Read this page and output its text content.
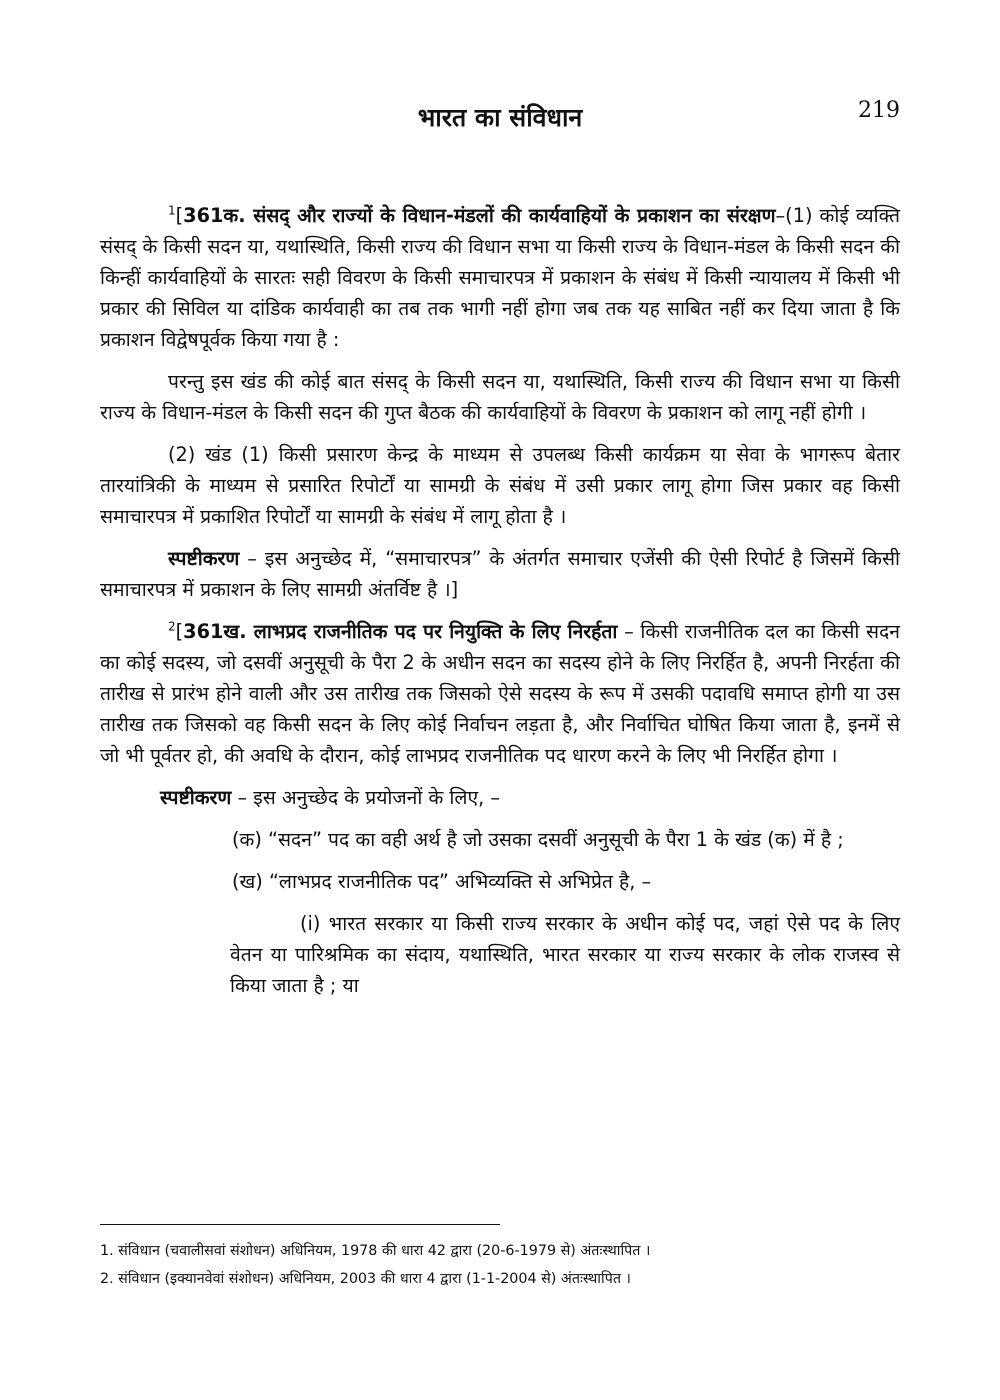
भारत का संविधान	219

$^1$[361क. संसद् और राज्यों के विधान-मंडलों की कार्यवाहियों के प्रकाशन का संरक्षण–(1) कोई व्यक्ति संसद् के किसी सदन या, यथास्थिति, किसी राज्य की विधान सभा या किसी राज्य के विधान-मंडल के किसी सदन की किन्हीं कार्यवाहियों के सारतः सही विवरण के किसी समाचारपत्र में प्रकाशन के संबंध में किसी न्यायालय में किसी भी प्रकार की सिविल या दांडिक कार्यवाही का तब तक भागी नहीं होगा जब तक यह साबित नहीं कर दिया जाता है कि प्रकाशन विद्वेषपूर्वक किया गया है :

परन्तु इस खंड की कोई बात संसद् के किसी सदन या, यथास्थिति, किसी राज्य की विधान सभा या किसी राज्य के विधान-मंडल के किसी सदन की गुप्त बैठक की कार्यवाहियों के विवरण के प्रकाशन को लागू नहीं होगी ।

(2) खंड (1) किसी प्रसारण केन्द्र के माध्यम से उपलब्ध किसी कार्यक्रम या सेवा के भागरूप बेतार तारयांत्रिकी के माध्यम से प्रसारित रिपोर्टों या सामग्री के संबंध में उसी प्रकार लागू होगा जिस प्रकार वह किसी समाचारपत्र में प्रकाशित रिपोर्टों या सामग्री के संबंध में लागू होता है ।

स्पष्टीकरण – इस अनुच्छेद में, “समाचारपत्र” के अंतर्गत समाचार एजेंसी की ऐसी रिपोर्ट है जिसमें किसी समाचारपत्र में प्रकाशन के लिए सामग्री अंतर्विष्ट है ।]

$^2$[361ख. लाभप्रद राजनीतिक पद पर नियुक्ति के लिए निरर्हता – किसी राजनीतिक दल का किसी सदन का कोई सदस्य, जो दसवीं अनुसूची के पैरा 2 के अधीन सदन का सदस्य होने के लिए निरर्हित है, अपनी निरर्हता की तारीख से प्रारंभ होने वाली और उस तारीख तक जिसको ऐसे सदस्य के रूप में उसकी पदावधि समाप्त होगी या उस तारीख तक जिसको वह किसी सदन के लिए कोई निर्वाचन लड़ता है, और निर्वाचित घोषित किया जाता है, इनमें से जो भी पूर्वतर हो, की अवधि के दौरान, कोई लाभप्रद राजनीतिक पद धारण करने के लिए भी निरर्हित होगा ।

स्पष्टीकरण – इस अनुच्छेद के प्रयोजनों के लिए, –

(क) “सदन” पद का वही अर्थ है जो उसका दसवीं अनुसूची के पैरा 1 के खंड (क) में है ;

(ख) “लाभप्रद राजनीतिक पद” अभिव्यक्ति से अभिप्रेत है, –

(i) भारत सरकार या किसी राज्य सरकार के अधीन कोई पद, जहां ऐसे पद के लिए वेतन या पारिश्रमिक का संदाय, यथास्थिति, भारत सरकार या राज्य सरकार के लोक राजस्व से किया जाता है ; या

1. संविधान (चवालीसवां संशोधन) अधिनियम, 1978 की धारा 42 द्वारा (20-6-1979 से) अंतःस्थापित ।

2. संविधान (इक्यानवेवां संशोधन) अधिनियम, 2003 की धारा 4 द्वारा (1-1-2004 से) अंतःस्थापित ।
